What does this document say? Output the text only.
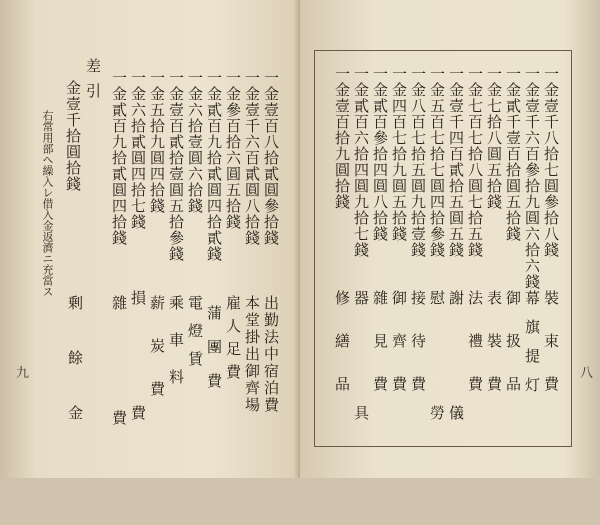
一金壹百八拾貳圓參拾錢
一金壹千六百貳圓八拾錢
一金參百拾六圓五拾錢
一金貳百九拾貳圓四拾貳錢
一金六拾壹圓六拾錢
一金壹百貳拾壹圓五拾參錢
一金五拾九圓四拾錢
一金六拾貳圓四拾七錢
一金貳百九拾貳圓四拾錢
差引
金壹千拾圓拾錢
右常用部へ繰入レ借入金返濟ニ充當ス
出勤法中宿泊費
本堂掛出御齊場
雇人足費
蒲團費
電燈賃
乘車料
薪炭費
損費
雜費
剰餘金
九
一金壹千八拾七圓參拾八錢
一金壹千六百參拾九圓六拾六錢
一金貳千壹百拾圓五拾錢
一金七拾八圓五拾錢
一金七百七拾八圓七拾五錢
一金壹千四百貳拾五圓五錢
一金五百七拾七圓四拾參錢
一金八百七拾五圓九拾壹錢
一金四百七拾九圓五拾錢
一金貳百參拾四圓八拾錢
一金貳百六拾四圓九拾七錢
一金壹百拾九圓拾錢
裝束費
幕旗提灯
御扱品
表裝費
法禮費
謝儀
慰勞
接待費
御齊費
雜見費
器具
修繕品	八
